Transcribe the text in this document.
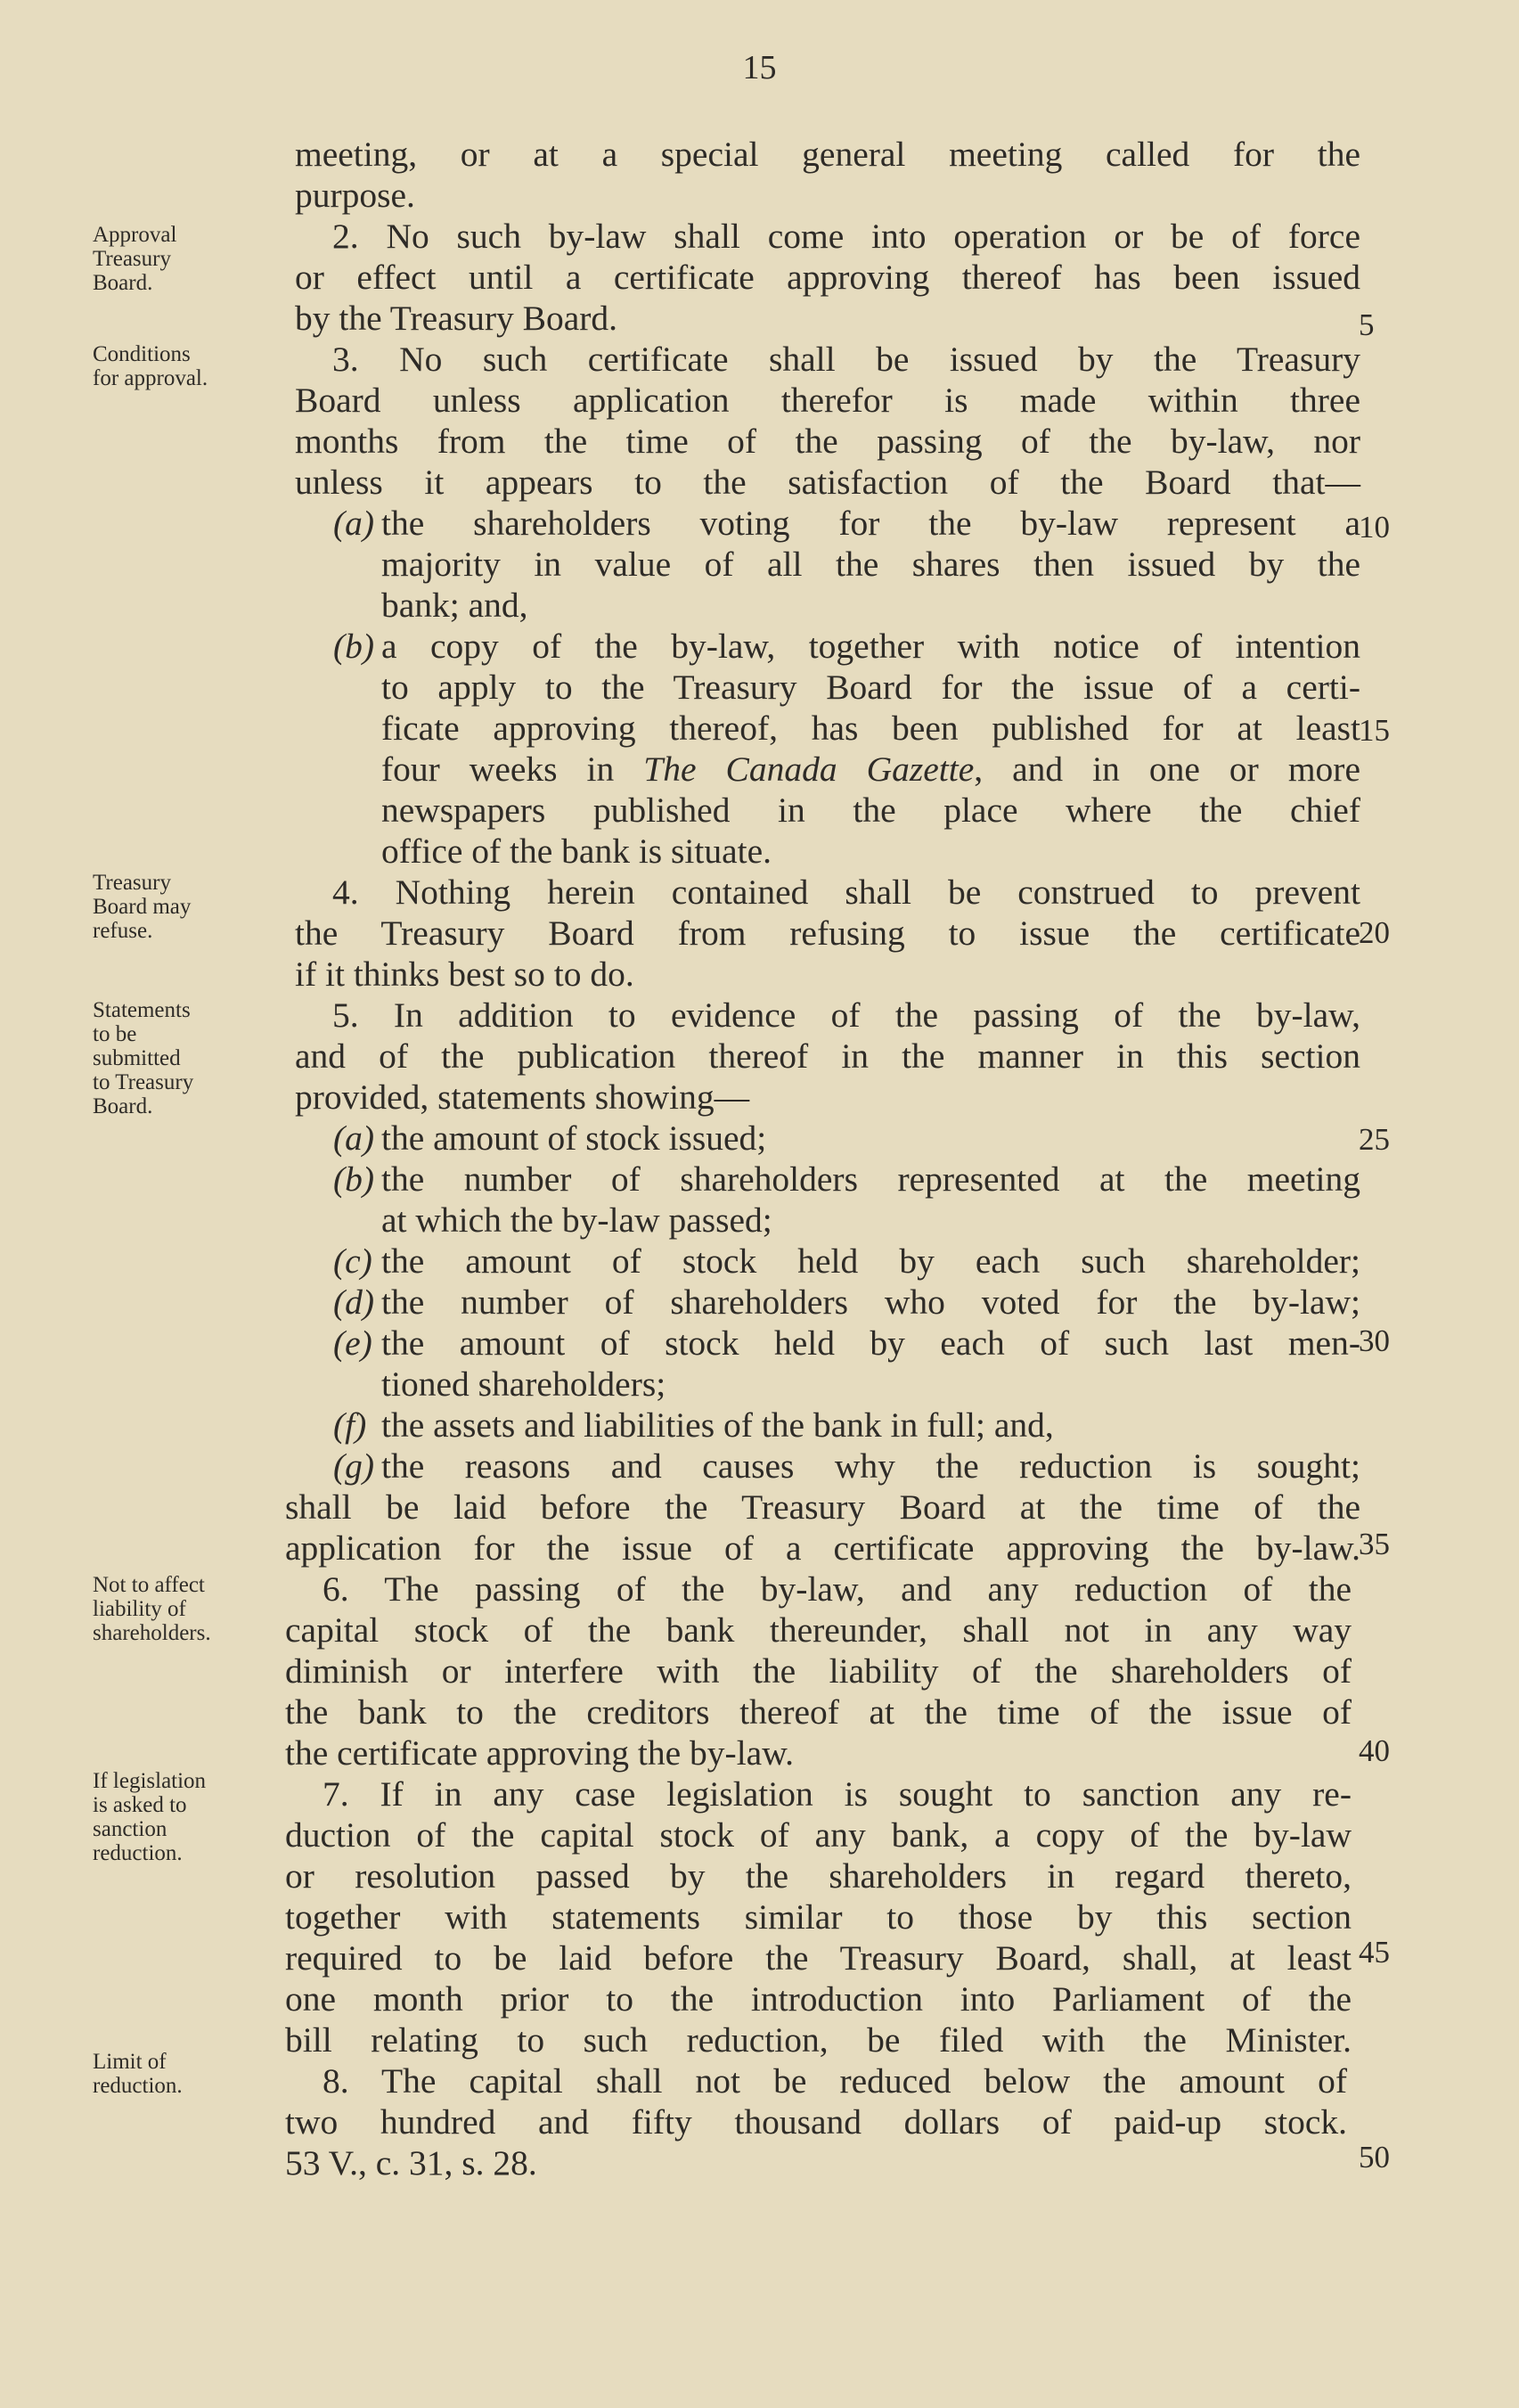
15
Approval
Treasury
Board.
Conditions
for approval.
Treasury
Board may
refuse.
Statements
to be
submitted
to Treasury
Board.
Not to affect
liability of
shareholders.
If legislation
is asked to
sanction
reduction.
Limit of
reduction.
5
10
15
20
25
30
35
40
45
50
meeting, or at a special general meeting called for the
purpose.
2. No such by-law shall come into operation or be of force
or effect until a certificate approving thereof has been issued
by the Treasury Board.
3. No such certificate shall be issued by the Treasury
Board unless application therefor is made within three
months from the time of the passing of the by-law, nor
unless it appears to the satisfaction of the Board that—
(a) the shareholders voting for the by-law represent a
majority in value of all the shares then issued by the
bank; and,
(b) a copy of the by-law, together with notice of intention
to apply to the Treasury Board for the issue of a certi-
ficate approving thereof, has been published for at least
four weeks in The Canada Gazette, and in one or more
newspapers published in the place where the chief
office of the bank is situate.
4. Nothing herein contained shall be construed to prevent
the Treasury Board from refusing to issue the certificate
if it thinks best so to do.
5. In addition to evidence of the passing of the by-law,
and of the publication thereof in the manner in this section
provided, statements showing—
(a) the amount of stock issued;
(b) the number of shareholders represented at the meeting
at which the by-law passed;
(c) the amount of stock held by each such shareholder;
(d) the number of shareholders who voted for the by-law;
(e) the amount of stock held by each of such last men-
tioned shareholders;
(f) the assets and liabilities of the bank in full; and,
(g) the reasons and causes why the reduction is sought;
shall be laid before the Treasury Board at the time of the
application for the issue of a certificate approving the by-law.
6. The passing of the by-law, and any reduction of the
capital stock of the bank thereunder, shall not in any way
diminish or interfere with the liability of the shareholders of
the bank to the creditors thereof at the time of the issue of
the certificate approving the by-law.
7. If in any case legislation is sought to sanction any re-
duction of the capital stock of any bank, a copy of the by-law
or resolution passed by the shareholders in regard thereto,
together with statements similar to those by this section
required to be laid before the Treasury Board, shall, at least
one month prior to the introduction into Parliament of the
bill relating to such reduction, be filed with the Minister.
8. The capital shall not be reduced below the amount of
two hundred and fifty thousand dollars of paid-up stock.
53 V., c. 31, s. 28.
